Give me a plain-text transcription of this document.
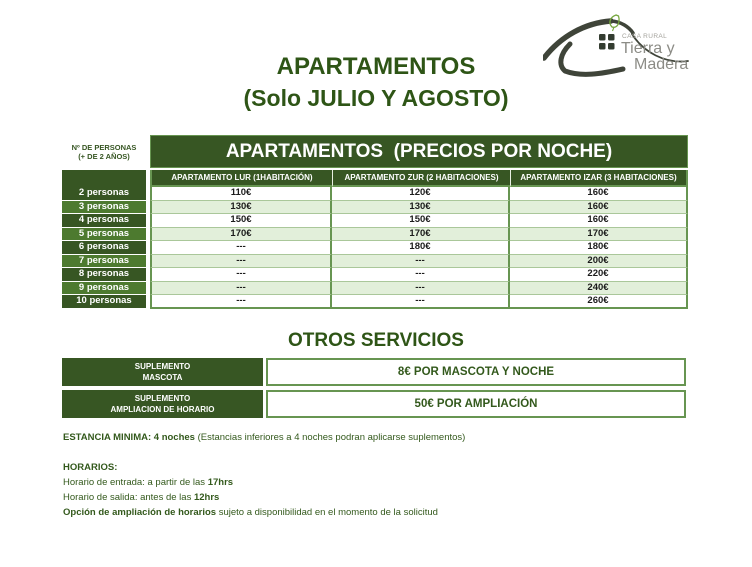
APARTAMENTOS
(Solo JULIO Y AGOSTO)
CASA RURAL
Tierra y
Madera
Nº DE PERSONAS
(+ DE 2 AÑOS)	APARTAMENTOS  (PRECIOS POR NOCHE)
APARTAMENTO LUR (1HABITACIÓN)	APARTAMENTO ZUR (2 HABITACIONES)	APARTAMENTO IZAR (3 HABITACIONES)
2 personas	110€	120€	160€
3 personas	130€	130€	160€
4 personas	150€	150€	160€
5 personas	170€	170€	170€
6 personas	---	180€	180€
7 personas	---	---	200€
8 personas	---	---	220€
9 personas	---	---	240€
10 personas	---	---	260€
OTROS SERVICIOS
SUPLEMENTO
MASCOTA	8€ POR MASCOTA Y NOCHE
SUPLEMENTO
AMPLIACION DE HORARIO	50€ POR AMPLIACIÓN
ESTANCIA MINIMA: 4 noches (Estancias inferiores a 4 noches podran aplicarse suplementos)
HORARIOS:
Horario de entrada: a partir de las 17hrs
Horario de salida: antes de las 12hrs
Opción de ampliación de horarios sujeto a disponibilidad en el momento de la solicitud
